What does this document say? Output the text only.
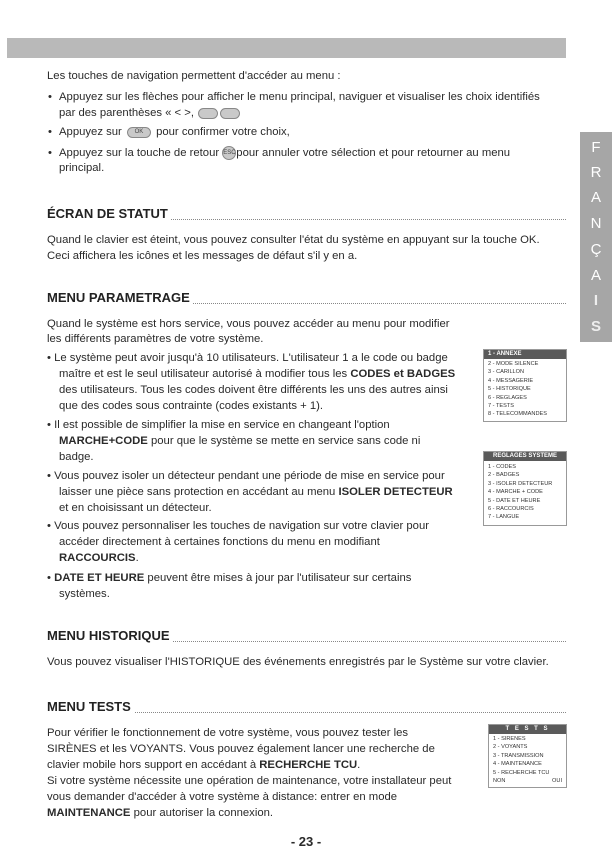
F
R
A
N
Ç
A
I
S
Les touches de navigation permettent d'accéder au menu :
• Appuyez sur les flèches pour afficher le menu principal, naviguer et visualiser les choix identifiés
par des parenthèses « < >,
• Appuyez sur OK pour confirmer votre choix,
• Appuyez sur la touche de retour ESCpour annuler votre sélection et pour retourner au menu
principal.
ÉCRAN DE STATUT
Quand le clavier est éteint, vous pouvez consulter l'état du système en appuyant sur la touche OK.
Ceci affichera les icônes et les messages de défaut s'il y en a.
MENU PARAMETRAGE
Quand le système est hors service, vous pouvez accéder au menu pour modifier
les différents paramètres de votre système.
• Le système peut avoir jusqu'à 10 utilisateurs. L'utilisateur 1 a le code ou badge
maître et est le seul utilisateur autorisé à modifier tous les CODES et BADGES
des utilisateurs. Tous les codes doivent être différents les uns des autres ainsi
que des codes sous contrainte (codes existants + 1).
• Il est possible de simplifier la mise en service en changeant l'option
MARCHE+CODE pour que le système se mette en service sans code ni
badge.
• Vous pouvez isoler un détecteur pendant une période de mise en service pour
laisser une pièce sans protection en accédant au menu ISOLER DETECTEUR
et en choisissant un détecteur.
• Vous pouvez personnaliser les touches de navigation sur votre clavier pour
accéder directement à certaines fonctions du menu en modifiant
RACCOURCIS.
• DATE ET HEURE peuvent être mises à jour par l'utilisateur sur certains
systèmes.
1 - ANNEXE
2 - MODE SILENCE
3 - CARILLON
4 - MESSAGERIE
5 - HISTORIQUE
6 - REGLAGES
7 - TESTS
8 - TELECOMMANDES
REGLAGES SYSTEME
1 - CODES
2 - BADGES
3 - ISOLER DETECTEUR
4 - MARCHE + CODE
5 - DATE ET HEURE
6 - RACCOURCIS
7 - LANGUE
MENU HISTORIQUE
Vous pouvez visualiser l'HISTORIQUE des événements enregistrés par le Système sur votre clavier.
MENU TESTS
Pour vérifier le fonctionnement de votre système, vous pouvez tester les
SIRÈNES et les VOYANTS. Vous pouvez également lancer une recherche de
clavier mobile hors support en accédant à RECHERCHE TCU.
Si votre système nécessite une opération de maintenance, votre installateur peut
vous demander d'accéder à votre système à distance: entrer en mode
MAINTENANCE pour autoriser la connexion.
T E S T S
1 - SIRENES
2 - VOYANTS
3 - TRANSMISSION
4 - MAINTENANCE
5 - RECHERCHE TCU
NON	OUI
- 23 -
